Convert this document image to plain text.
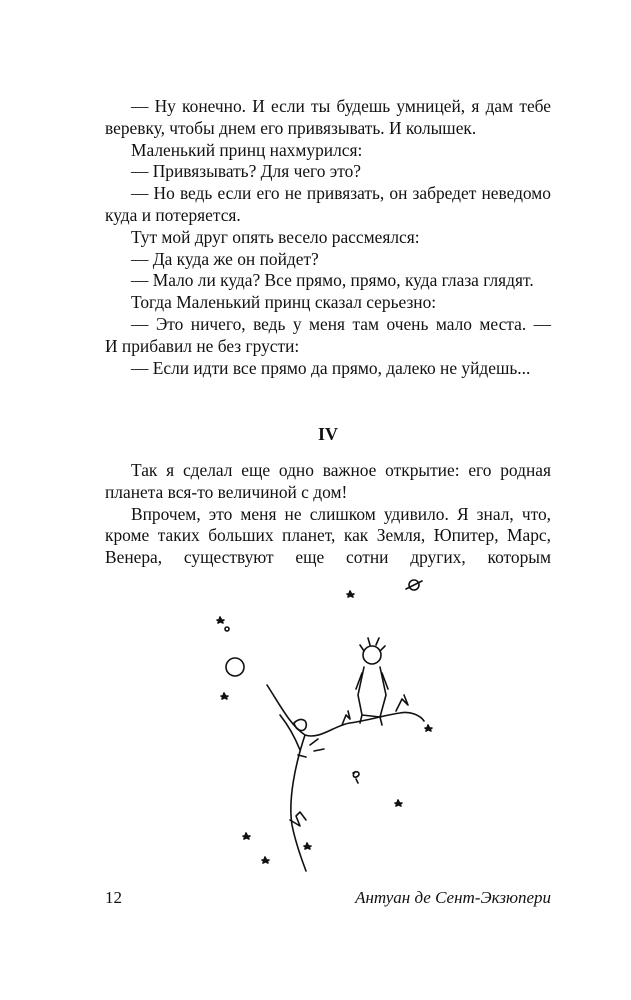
— Ну конечно. И если ты будешь умницей, я дам тебе веревку, чтобы днем его привязывать. И колышек.

Маленький принц нахмурился:

— Привязывать? Для чего это?

— Но ведь если его не привязать, он забредет неведомо куда и потеряется.

Тут мой друг опять весело рассмеялся:

— Да куда же он пойдет?

— Мало ли куда? Все прямо, прямо, куда глаза глядят.

Тогда Маленький принц сказал серьезно:

— Это ничего, ведь у меня там очень мало места. —

И прибавил не без грусти:

— Если идти все прямо да прямо, далеко не уйдешь...

IV

Так я сделал еще одно важное открытие: его родная планета вся-то величиной с дом!

Впрочем, это меня не слишком удивило. Я знал, что, кроме таких больших планет, как Земля, Юпитер, Марс, Венера, существуют еще сотни других, которым

12	Антуан де Сент-Экзюпери
